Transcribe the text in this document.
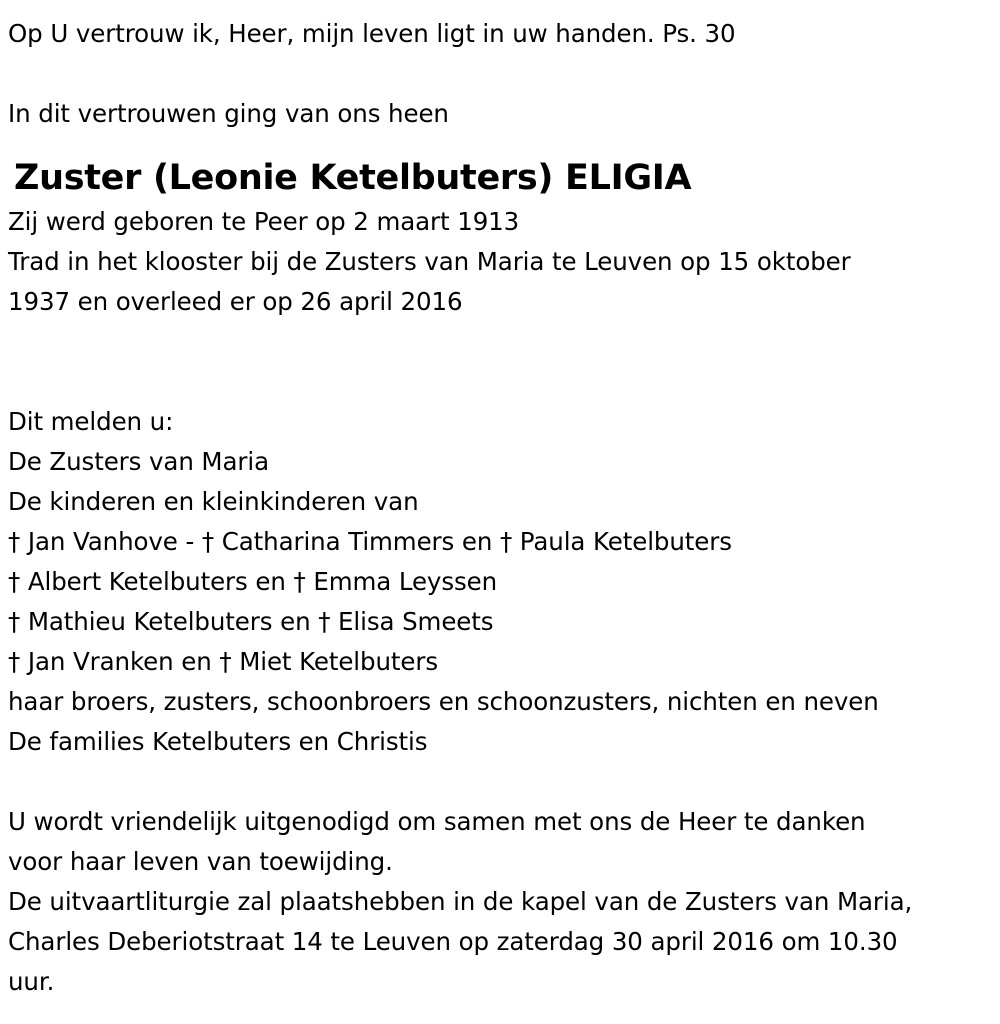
Op U vertrouw ik, Heer, mijn leven ligt in uw handen. Ps. 30
In dit vertrouwen ging van ons heen
Zuster (Leonie Ketelbuters) ELIGIA
Zij werd geboren te Peer op 2 maart 1913
Trad in het klooster bij de Zusters van Maria te Leuven op 15 oktober
1937 en overleed er op 26 april 2016
Dit melden u:
De Zusters van Maria
De kinderen en kleinkinderen van
† Jan Vanhove - † Catharina Timmers en † Paula Ketelbuters
† Albert Ketelbuters en † Emma Leyssen
† Mathieu Ketelbuters en † Elisa Smeets
† Jan Vranken en † Miet Ketelbuters
haar broers, zusters, schoonbroers en schoonzusters, nichten en neven
De families Ketelbuters en Christis
U wordt vriendelijk uitgenodigd om samen met ons de Heer te danken
voor haar leven van toewijding.
De uitvaartliturgie zal plaatshebben in de kapel van de Zusters van Maria,
Charles Deberiotstraat 14 te Leuven op zaterdag 30 april 2016 om 10.30
uur.
